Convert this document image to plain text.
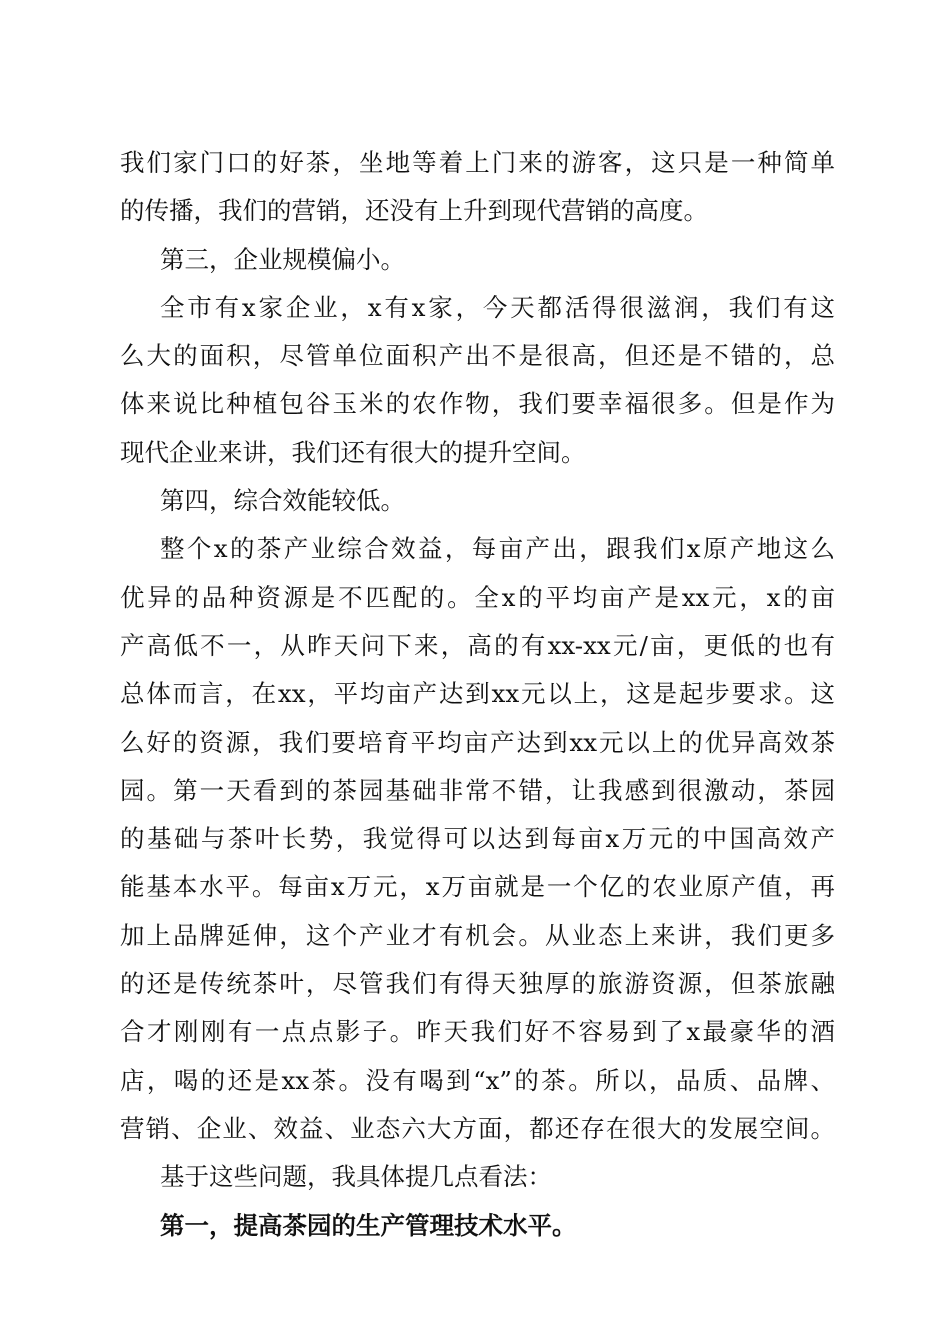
我们家门口的好茶，坐地等着上门来的游客，这只是一种简单
的传播，我们的营销，还没有上升到现代营销的高度。
第三，企业规模偏小。
全市有x家企业，x有x家，今天都活得很滋润，我们有这
么大的面积，尽管单位面积产出不是很高，但还是不错的，总
体来说比种植包谷玉米的农作物，我们要幸福很多。但是作为
现代企业来讲，我们还有很大的提升空间。
第四，综合效能较低。
整个x的茶产业综合效益，每亩产出，跟我们x原产地这么
优异的品种资源是不匹配的。全x的平均亩产是xx元，x的亩
产高低不一，从昨天问下来，高的有xx-xx元/亩，更低的也有
总体而言，在xx，平均亩产达到xx元以上，这是起步要求。这
么好的资源，我们要培育平均亩产达到xx元以上的优异高效茶
园。第一天看到的茶园基础非常不错，让我感到很激动，茶园
的基础与茶叶长势，我觉得可以达到每亩x万元的中国高效产
能基本水平。每亩x万元，x万亩就是一个亿的农业原产值，再
加上品牌延伸，这个产业才有机会。从业态上来讲，我们更多
的还是传统茶叶，尽管我们有得天独厚的旅游资源，但茶旅融
合才刚刚有一点点影子。昨天我们好不容易到了x最豪华的酒
店，喝的还是xx茶。没有喝到“x”的茶。所以，品质、品牌、
营销、企业、效益、业态六大方面，都还存在很大的发展空间。
基于这些问题，我具体提几点看法：
第一，提高茶园的生产管理技术水平。
